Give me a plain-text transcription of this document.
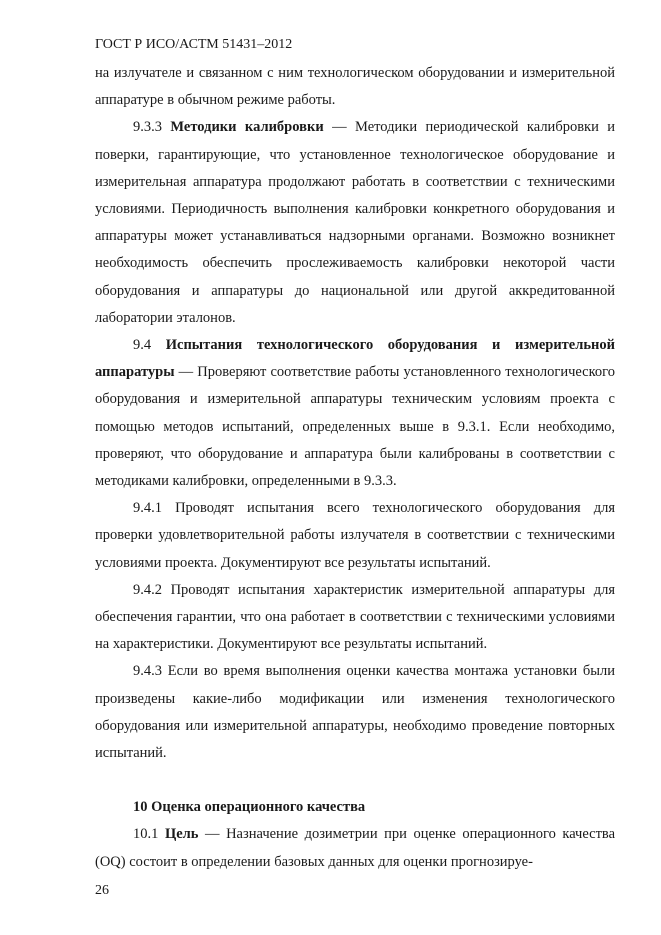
ГОСТ Р ИСО/АСТМ 51431–2012

на излучателе и связанном с ним технологическом оборудовании и измерительной аппаратуре в обычном режиме работы.

9.3.3 Методики калибровки — Методики периодической калибровки и поверки, гарантирующие, что установленное технологическое оборудование и измерительная аппаратура продолжают работать в соответствии с техническими условиями. Периодичность выполнения калибровки конкретного оборудования и аппаратуры может устанавливаться надзорными органами. Возможно возникнет необходимость обеспечить прослеживаемость калибровки некоторой части оборудования и аппаратуры до национальной или другой аккредитованной лаборатории эталонов.

9.4 Испытания технологического оборудования и измерительной аппаратуры — Проверяют соответствие работы установленного технологического оборудования и измерительной аппаратуры техническим условиям проекта с помощью методов испытаний, определенных выше в 9.3.1. Если необходимо, проверяют, что оборудование и аппаратура были калиброваны в соответствии с методиками калибровки, определенными в 9.3.3.

9.4.1 Проводят испытания всего технологического оборудования для проверки удовлетворительной работы излучателя в соответствии с техническими условиями проекта. Документируют все результаты испытаний.

9.4.2 Проводят испытания характеристик измерительной аппаратуры для обеспечения гарантии, что она работает в соответствии с техническими условиями на характеристики. Документируют все результаты испытаний.

9.4.3 Если во время выполнения оценки качества монтажа установки были произведены какие-либо модификации или изменения технологического оборудования или измерительной аппаратуры, необходимо проведение повторных испытаний.

10 Оценка операционного качества

10.1 Цель — Назначение дозиметрии при оценке операционного качества (OQ) состоит в определении базовых данных для оценки прогнозируе-

26
